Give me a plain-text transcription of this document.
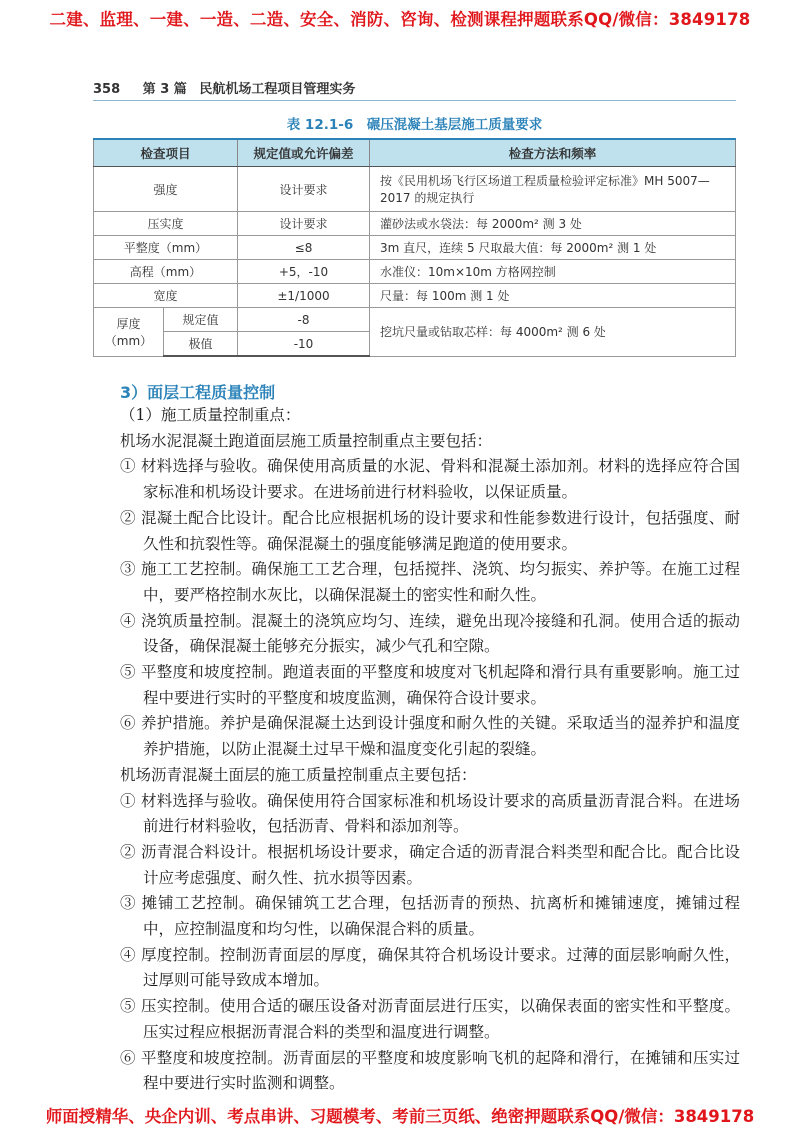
二建、监理、一建、一造、二造、安全、消防、咨询、检测课程押题联系QQ/微信：3849178
358 第 3 篇 民航机场工程项目管理实务
表 12.1-6　碾压混凝土基层施工质量要求
检查项目		规定值或允许偏差	检查方法和频率
强度		设计要求	按《民用机场飞行区场道工程质量检验评定标准》MH 5007—2017 的规定执行
压实度		设计要求	灌砂法或水袋法：每 2000m² 测 3 处
平整度（mm）		≤8	3m 直尺，连续 5 尺取最大值：每 2000m² 测 1 处
高程（mm）		+5，-10	水准仪：10m×10m 方格网控制
宽度		±1/1000	尺量：每 100m 测 1 处
厚度（mm）	规定值	-8	挖坑尺量或钻取芯样：每 4000m² 测 6 处
	极值	-10	
3）面层工程质量控制

（1）施工质量控制重点：

机场水泥混凝土跑道面层施工质量控制重点主要包括：

① 材料选择与验收。确保使用高质量的水泥、骨料和混凝土添加剂。材料的选择应符合国家标准和机场设计要求。在进场前进行材料验收，以保证质量。

② 混凝土配合比设计。配合比应根据机场的设计要求和性能参数进行设计，包括强度、耐久性和抗裂性等。确保混凝土的强度能够满足跑道的使用要求。

③ 施工工艺控制。确保施工工艺合理，包括搅拌、浇筑、均匀振实、养护等。在施工过程中，要严格控制水灰比，以确保混凝土的密实性和耐久性。

④ 浇筑质量控制。混凝土的浇筑应均匀、连续，避免出现冷接缝和孔洞。使用合适的振动设备，确保混凝土能够充分振实，减少气孔和空隙。

⑤ 平整度和坡度控制。跑道表面的平整度和坡度对飞机起降和滑行具有重要影响。施工过程中要进行实时的平整度和坡度监测，确保符合设计要求。

⑥ 养护措施。养护是确保混凝土达到设计强度和耐久性的关键。采取适当的湿养护和温度养护措施，以防止混凝土过早干燥和温度变化引起的裂缝。

机场沥青混凝土面层的施工质量控制重点主要包括：

① 材料选择与验收。确保使用符合国家标准和机场设计要求的高质量沥青混合料。在进场前进行材料验收，包括沥青、骨料和添加剂等。

② 沥青混合料设计。根据机场设计要求，确定合适的沥青混合料类型和配合比。配合比设计应考虑强度、耐久性、抗水损等因素。

③ 摊铺工艺控制。确保铺筑工艺合理，包括沥青的预热、抗离析和摊铺速度，摊铺过程中，应控制温度和均匀性，以确保混合料的质量。

④ 厚度控制。控制沥青面层的厚度，确保其符合机场设计要求。过薄的面层影响耐久性，过厚则可能导致成本增加。

⑤ 压实控制。使用合适的碾压设备对沥青面层进行压实，以确保表面的密实性和平整度。压实过程应根据沥青混合料的类型和温度进行调整。

⑥ 平整度和坡度控制。沥青面层的平整度和坡度影响飞机的起降和滑行，在摊铺和压实过程中要进行实时监测和调整。

师面授精华、央企内训、考点串讲、习题模考、考前三页纸、绝密押题联系QQ/微信：3849178
